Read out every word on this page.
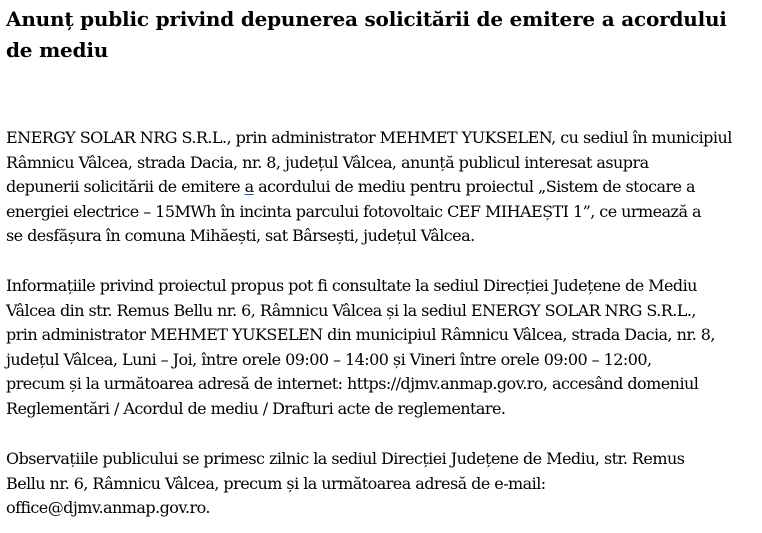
Anunț public privind depunerea solicitării de emitere a acordului
de mediu

ENERGY SOLAR NRG S.R.L., prin administrator MEHMET YUKSELEN, cu sediul în municipiul
Râmnicu Vâlcea, strada Dacia, nr. 8, județul Vâlcea, anunță publicul interesat asupra
depunerii solicitării de emitere a acordului de mediu pentru proiectul „Sistem de stocare a
energiei electrice – 15MWh în incinta parcului fotovoltaic CEF MIHAEȘTI 1”, ce urmează a
se desfășura în comuna Mihăești, sat Bârsești, județul Vâlcea.

Informațiile privind proiectul propus pot fi consultate la sediul Direcției Județene de Mediu
Vâlcea din str. Remus Bellu nr. 6, Râmnicu Vâlcea și la sediul ENERGY SOLAR NRG S.R.L.,
prin administrator MEHMET YUKSELEN din municipiul Râmnicu Vâlcea, strada Dacia, nr. 8,
județul Vâlcea, Luni – Joi, între orele 09:00 – 14:00 și Vineri între orele 09:00 – 12:00,
precum și la următoarea adresă de internet: https://djmv.anmap.gov.ro, accesând domeniul
Reglementări / Acordul de mediu / Drafturi acte de reglementare.

Observațiile publicului se primesc zilnic la sediul Direcției Județene de Mediu, str. Remus
Bellu nr. 6, Râmnicu Vâlcea, precum și la următoarea adresă de e-mail:
office@djmv.anmap.gov.ro.
